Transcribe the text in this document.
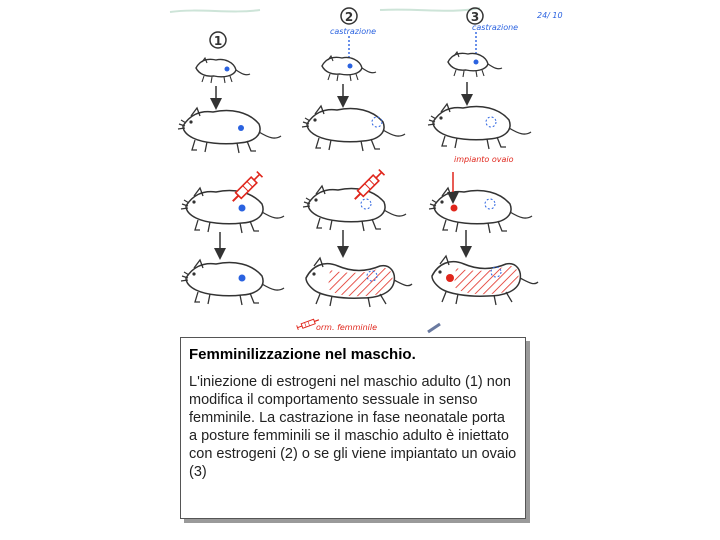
1
2	3	24/ 10
castrazione	castrazione
impianto ovaio
orm. femminile

Femminilizzazione nel maschio.

L'iniezione di estrogeni nel maschio adulto (1) non modifica il comportamento sessuale in senso femminile. La castrazione in fase neonatale porta a posture femminili se il maschio adulto è iniettato con estrogeni (2) o se gli viene impiantato un ovaio (3)
